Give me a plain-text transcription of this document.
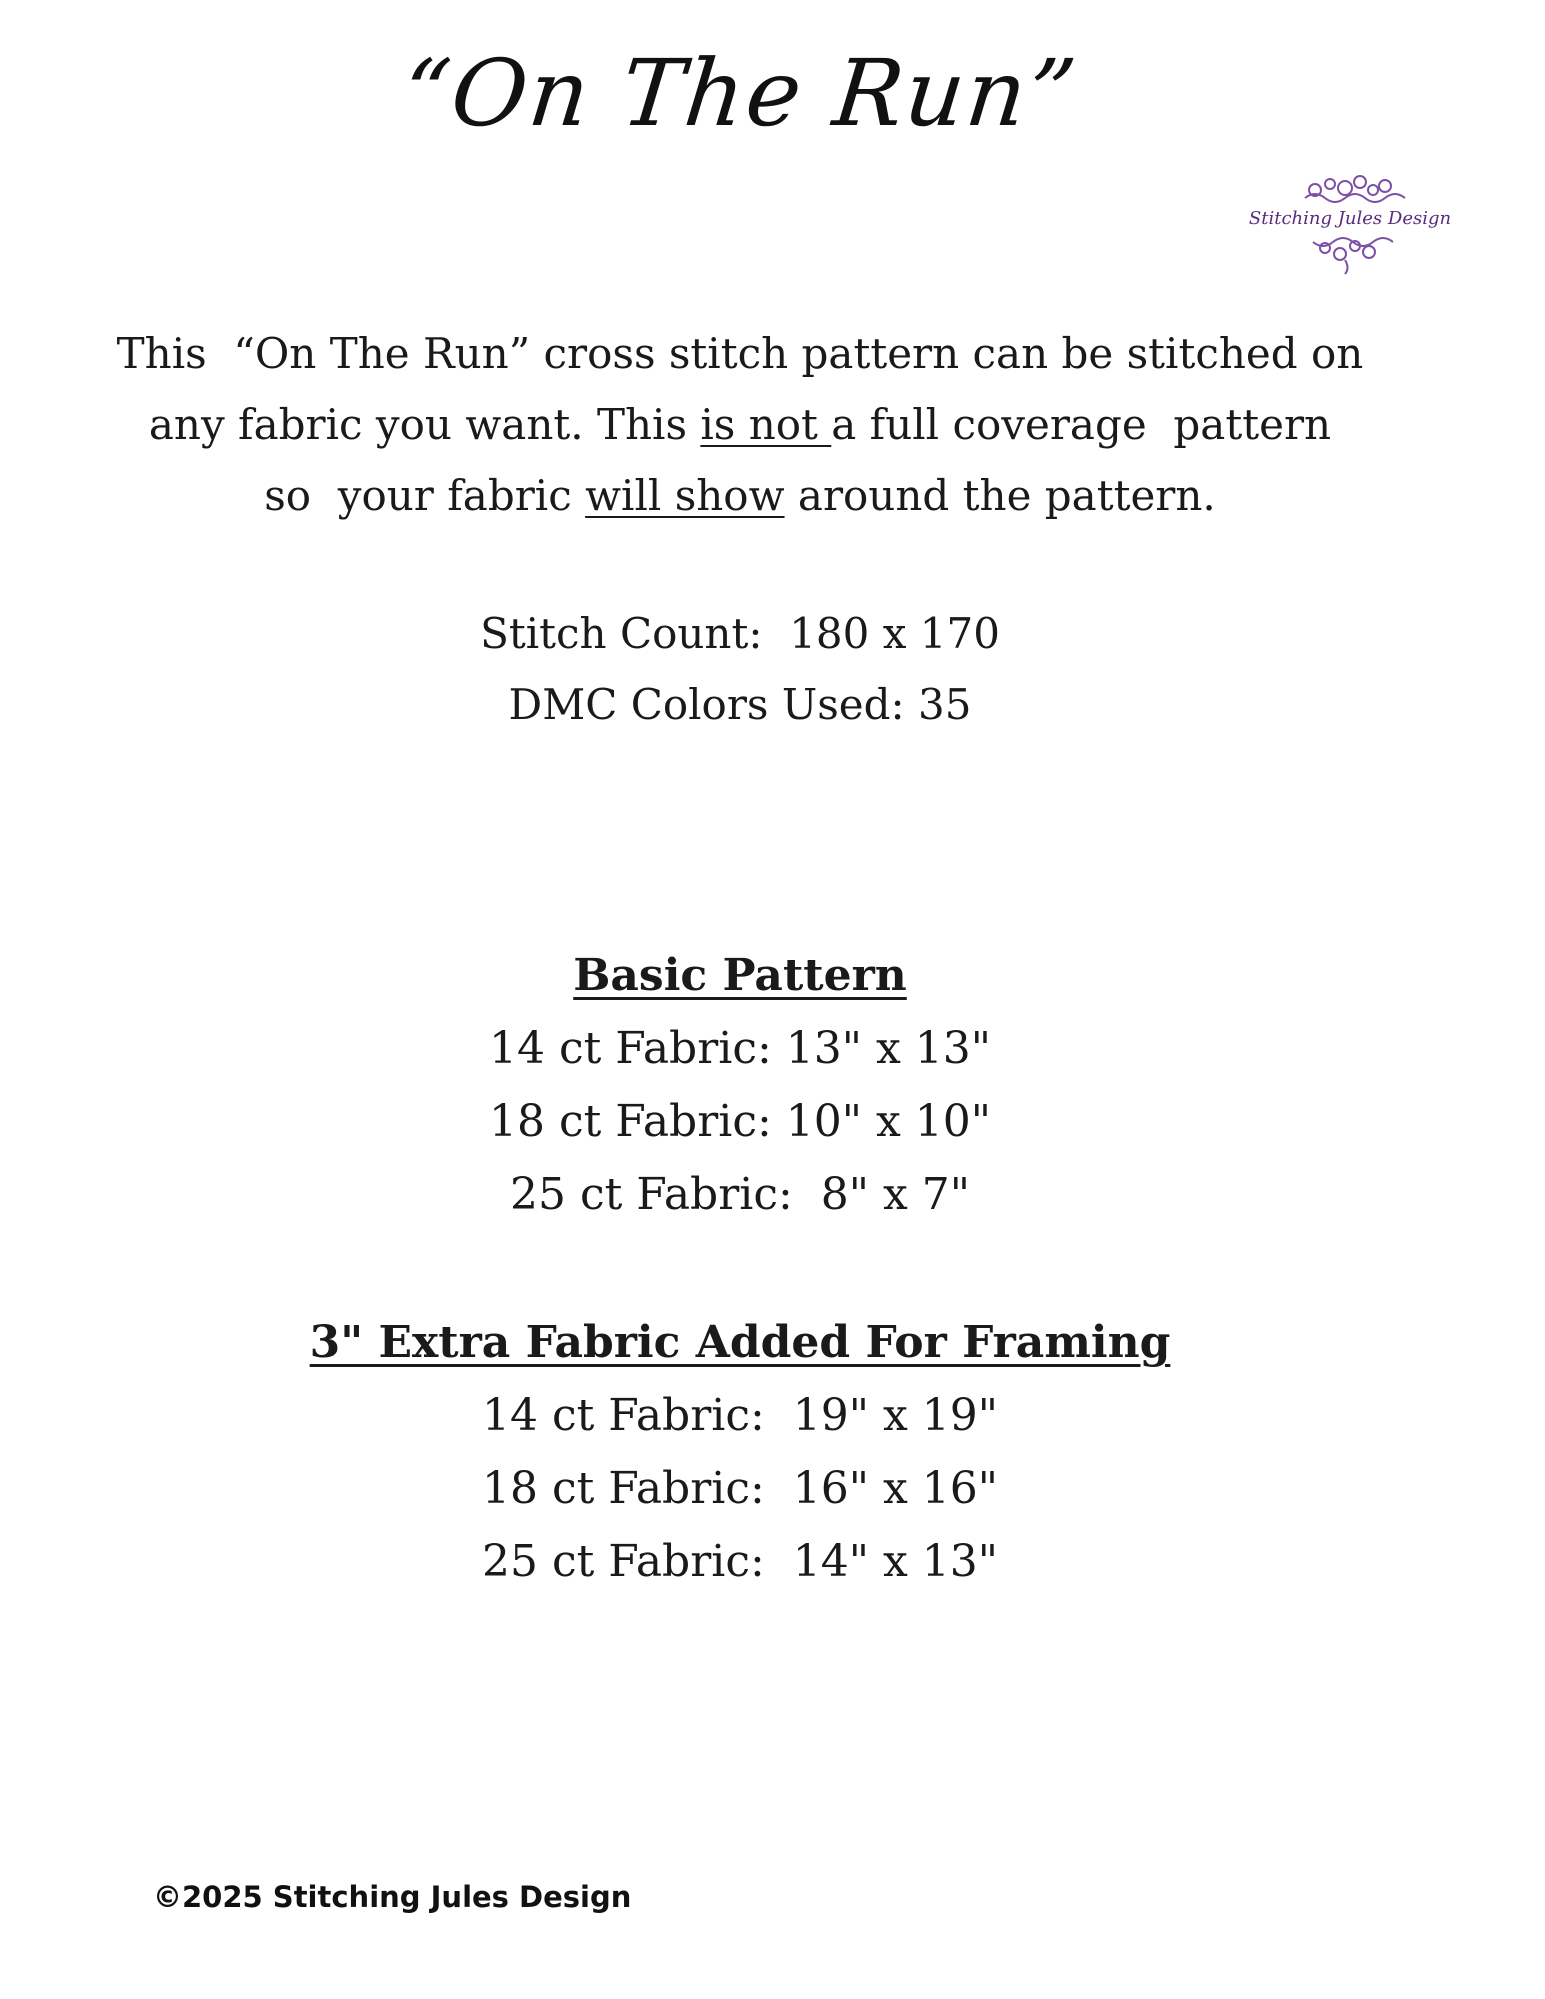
“On The Run”
Stitching Jules Design
This  “On The Run” cross stitch pattern can be stitched on
any fabric you want. This is not a full coverage  pattern
so  your fabric will show around the pattern.
Stitch Count:  180 x 170
DMC Colors Used: 35
Basic Pattern
14 ct Fabric: 13" x 13"
18 ct Fabric: 10" x 10"
25 ct Fabric:  8" x 7"
3" Extra Fabric Added For Framing
14 ct Fabric:  19" x 19"
18 ct Fabric:  16" x 16"
25 ct Fabric:  14" x 13"
©2025 Stitching Jules Design
